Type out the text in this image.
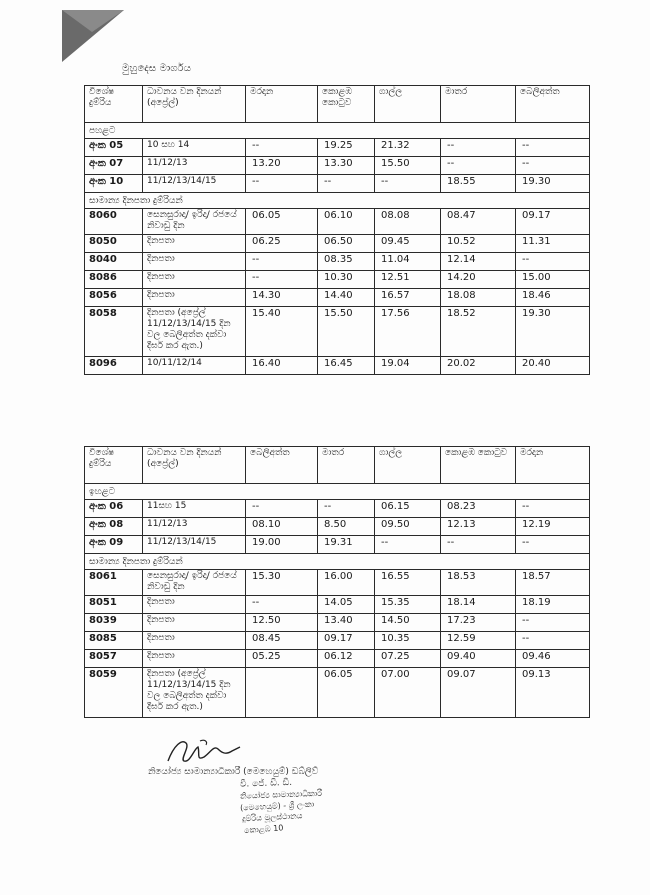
මුහුදෙස මාර්ගය
විශේෂ දුම්රිය	ධාවනය වන දිනයන් (අප්‍රේල්)	මරදාන	කොළඹ කොටුව	ගාල්ල	මාතර	බෙලිඅත්ත
පහළට						
අංක 05	10 සහ 14	--	19.25	21.32	--	--
අංක 07	11/12/13	13.20	13.30	15.50	--	--
අංක 10	11/12/13/14/15	--	--	--	18.55	19.30
සාමාන්‍ය දිනපතා දුම්රියන්						
8060	සෙනසුරාදා/ ඉරිදා/ රජයේ නිවාඩු දින	06.05	06.10	08.08	08.47	09.17
8050	දිනපතා	06.25	06.50	09.45	10.52	11.31
8040	දිනපතා	--	08.35	11.04	12.14	--
8086	දිනපතා	--	10.30	12.51	14.20	15.00
8056	දිනපතා	14.30	14.40	16.57	18.08	18.46
8058	දිනපතා (අප්‍රේල් 11/12/13/14/15 දින වල බෙලිඅත්ත දක්වා දීර්ඝ කර ඇත.)	15.40	15.50	17.56	18.52	19.30
8096	10/11/12/14	16.40	16.45	19.04	20.02	20.40
විශේෂ දුම්රිය	ධාවනය වන දිනයන් (අප්‍රේල්)	බෙලිඅත්ත	මාතර	ගාල්ල	කොළඹ කොටුව	මරදාන
ඉහළට						
අංක 06	11සහ 15	--	--	06.15	08.23	--
අංක 08	11/12/13	08.10	8.50	09.50	12.13	12.19
අංක 09	11/12/13/14/15	19.00	19.31	--	--	--
සාමාන්‍ය දිනපතා දුම්රියන්						
8061	සෙනසුරාදා/ ඉරිදා/ රජයේ නිවාඩු දින	15.30	16.00	16.55	18.53	18.57
8051	දිනපතා	--	14.05	15.35	18.14	18.19
8039	දිනපතා	12.50	13.40	14.50	17.23	--
8085	දිනපතා	08.45	09.17	10.35	12.59	--
8057	දිනපතා	05.25	06.12	07.25	09.40	09.46
8059	දිනපතා (අප්‍රේල් 11/12/13/14/15 දින වල බෙලිඅත්ත දක්වා දීර්ඝ කර ඇත.)		06.05	07.00	09.07	09.13
නියෝජ්‍ය සාමාන්‍යාධිකාරී (මෙහෙයුම්) ඩබ්ලිව්
වී. ජේ. ඩී. ඩී.
නියෝජ්‍ය සාමාන්‍යාධිකාරී
(මෙහෙයුම්) - ශ්‍රී ලංකා
දුම්රිය මූලස්ථානය
කොළඹ 10
